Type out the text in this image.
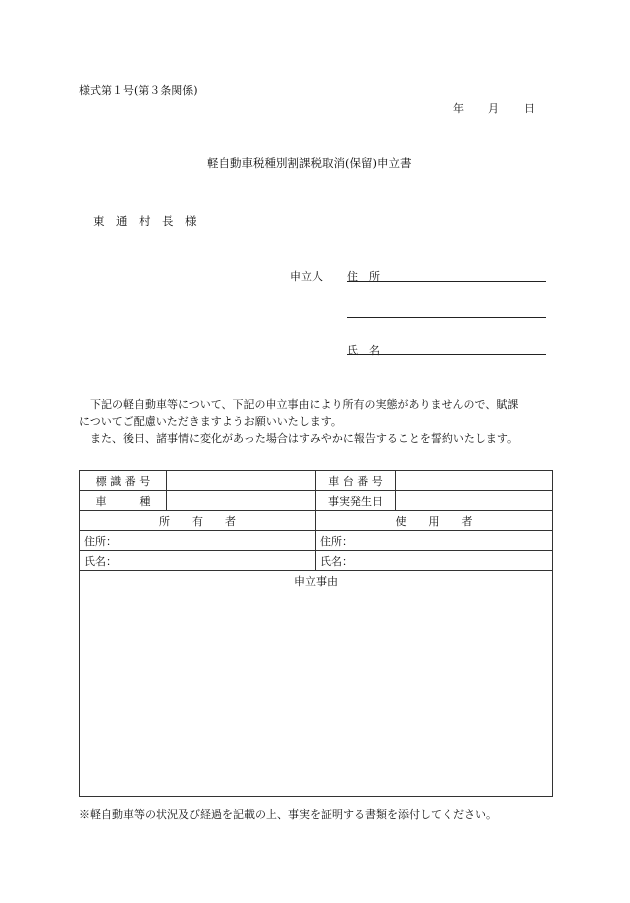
様式第１号(第３条関係)
年 月 日
軽自動車税種別割課税取消(保留)申立書
東　通　村　長　様
申立人 住　所
氏　名
　下記の軽自動車等について、下記の申立事由により所有の実態がありませんので、賦課
についてご配慮いただきますようお願いいたします。
　また、後日、諸事情に変化があった場合はすみやかに報告することを誓約いたします。
標 識 番 号		車 台 番 号	
車　　　種		事実発生日	
所　　有　　者		使　　用　　者	
住所：		住所：	
氏名：		氏名：	
申立事由			
※軽自動車等の状況及び経過を記載の上、事実を証明する書類を添付してください。
